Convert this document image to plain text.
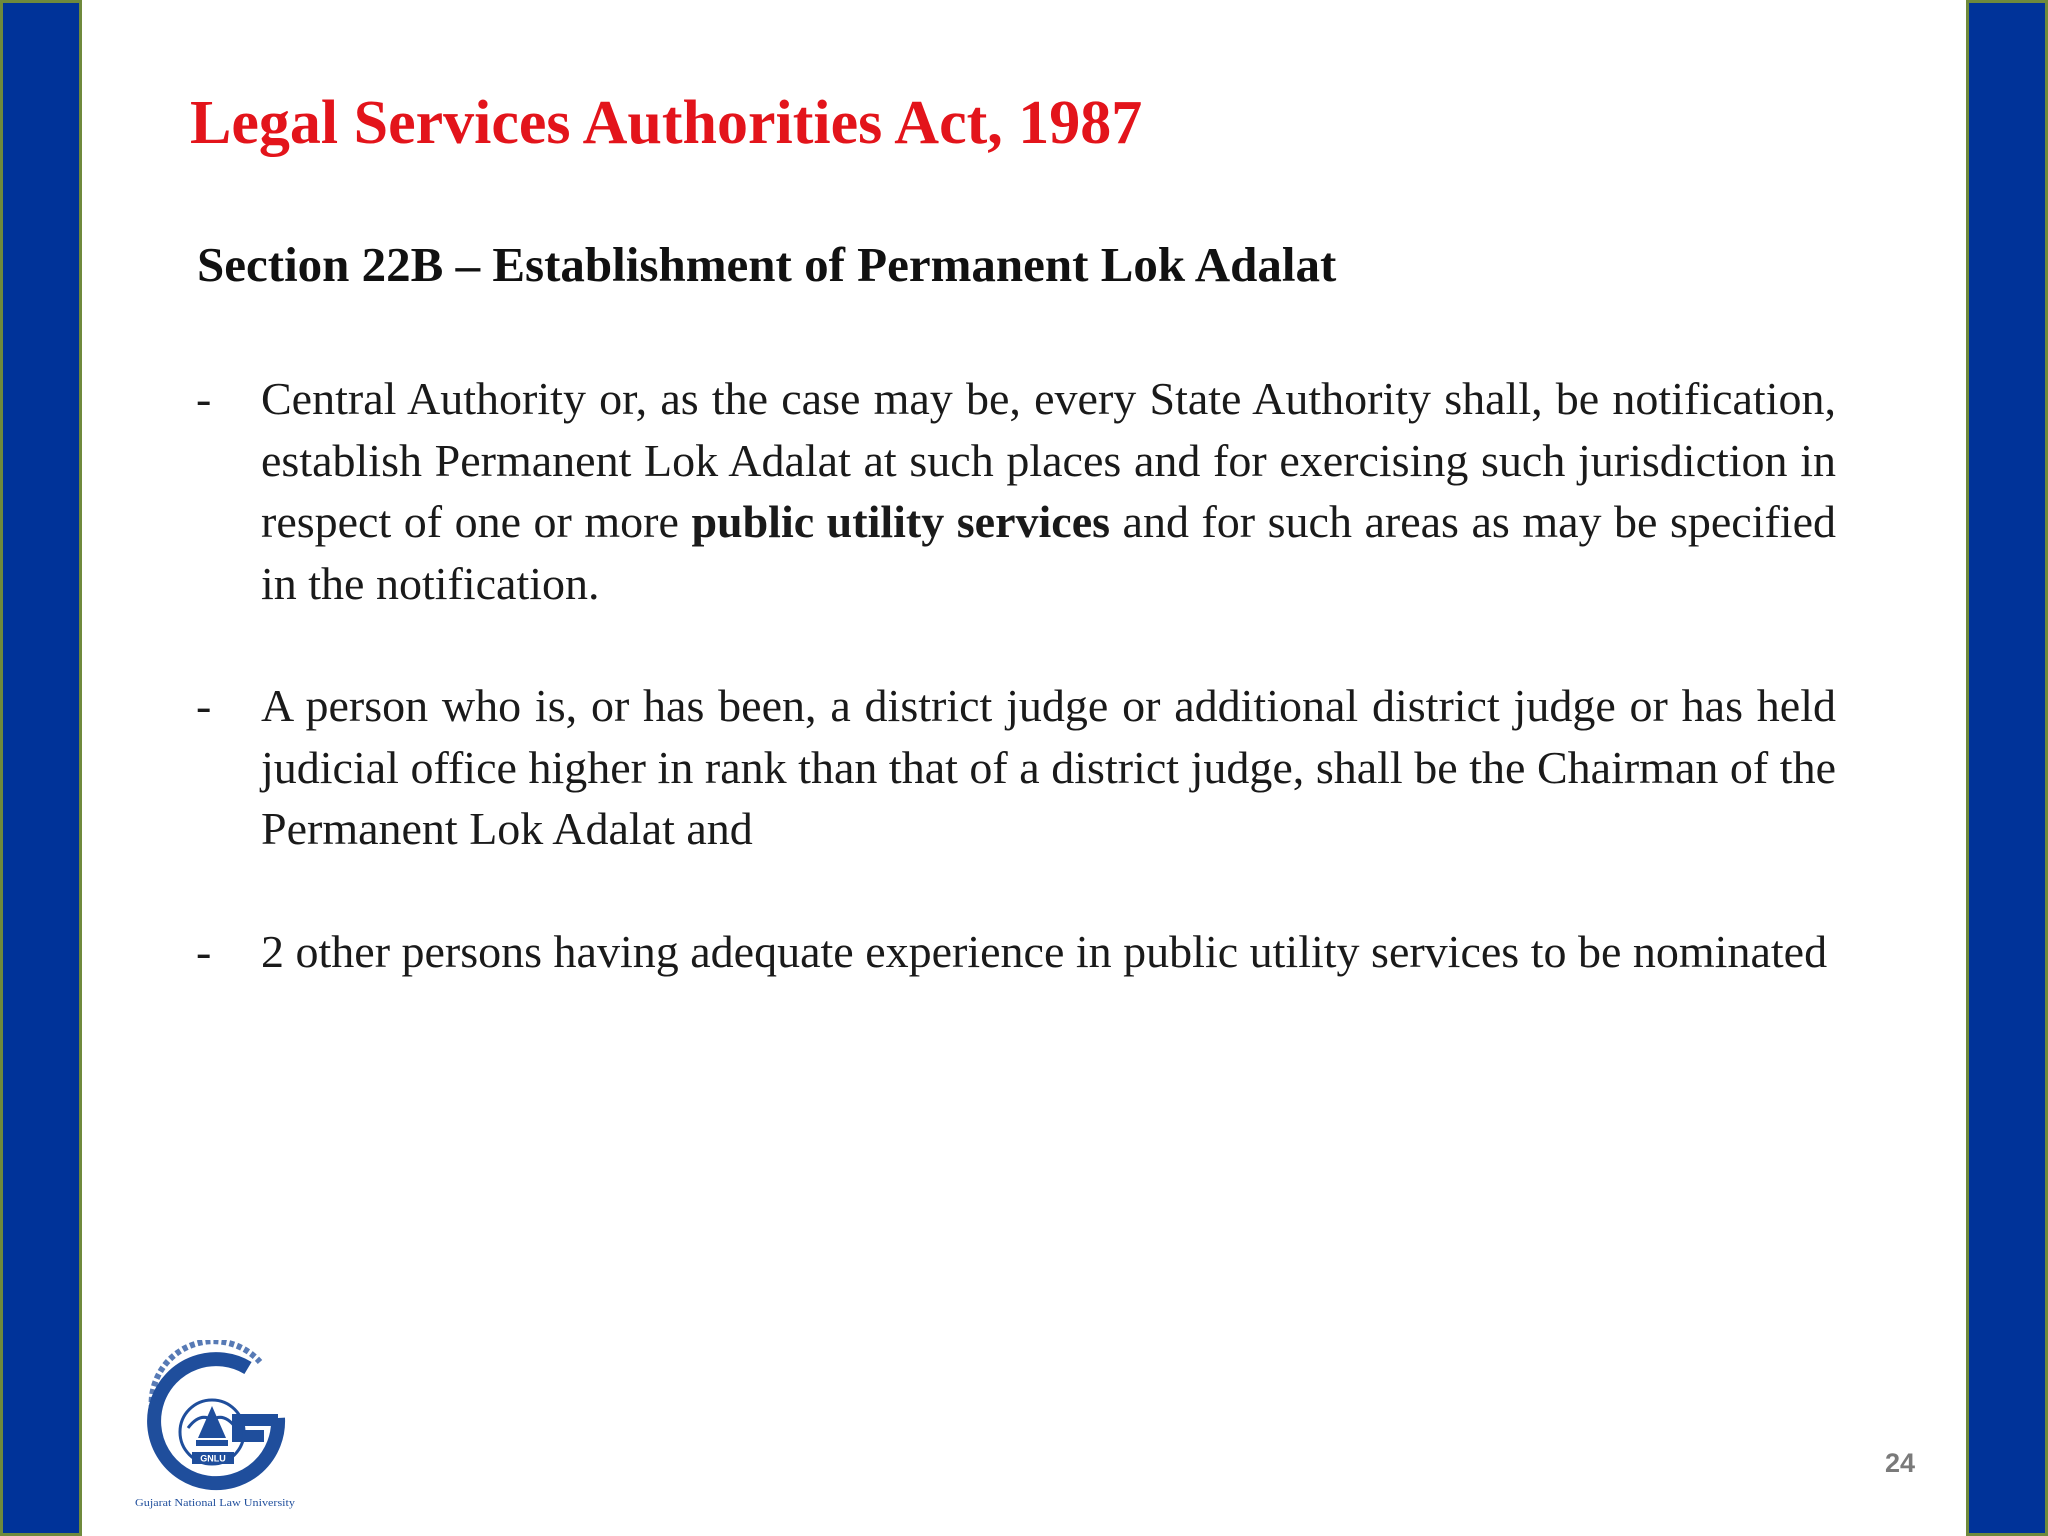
Legal Services Authorities Act, 1987
Section 22B – Establishment of Permanent Lok Adalat
-	Central Authority or, as the case may be, every State Authority shall, be notification, establish Permanent Lok Adalat at such places and for exercising such jurisdiction in respect of one or more public utility services and for such areas as may be specified in the notification.
-	A person who is, or has been, a district judge or additional district judge or has held judicial office higher in rank than that of a district judge, shall be the Chairman of the Permanent Lok Adalat and
-	2 other persons having adequate experience in public utility services to be nominated
GNLU
Gujarat National Law University
24
